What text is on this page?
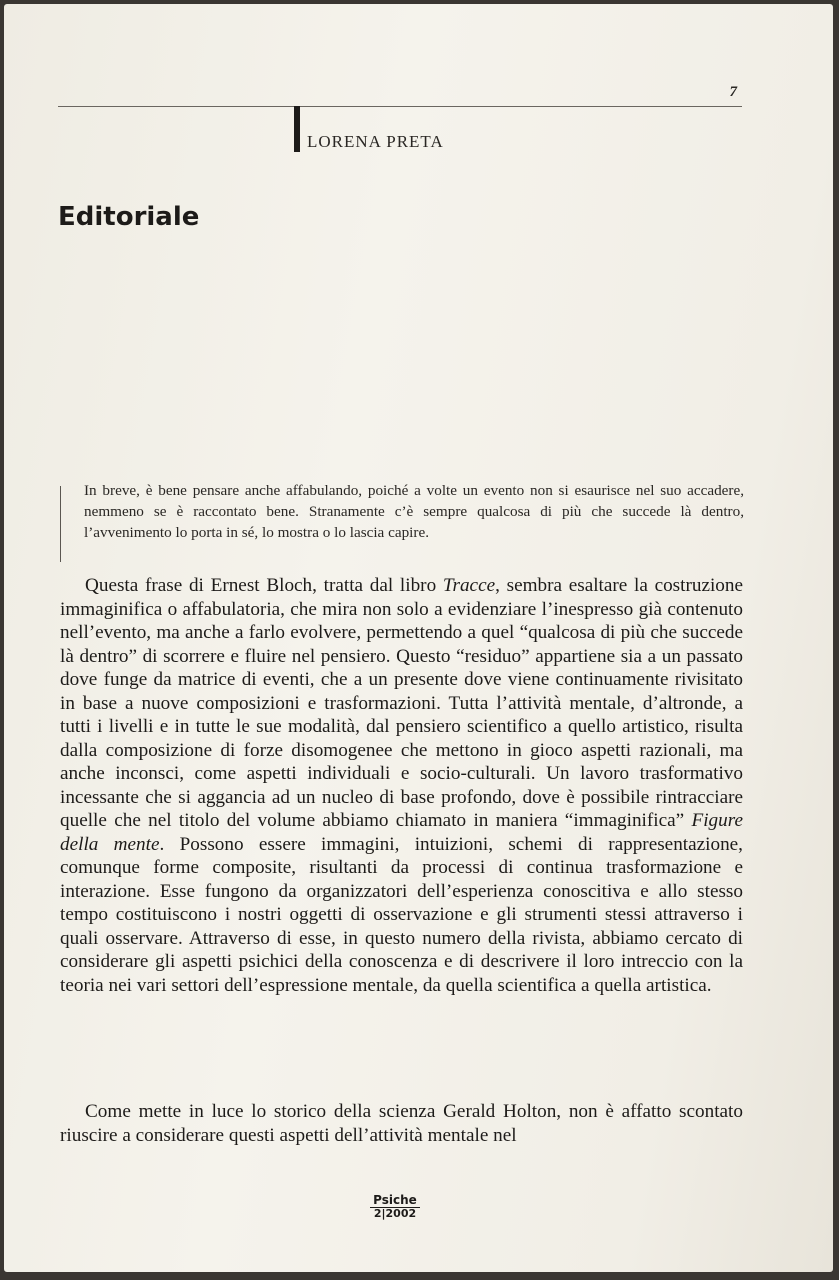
7
LORENA PRETA
Editoriale

In breve, è bene pensare anche affabulando, poiché a volte un evento non si esaurisce nel suo accadere, nemmeno se è raccontato bene. Stranamente c’è sempre qualcosa di più che succede là dentro, l’avvenimento lo porta in sé, lo mostra o lo lascia capire.

Questa frase di Ernest Bloch, tratta dal libro Tracce, sembra esaltare la costruzione immaginifica o affabulatoria, che mira non solo a evidenziare l’inespresso già contenuto nell’evento, ma anche a farlo evolvere, permettendo a quel “qualcosa di più che succede là dentro” di scorrere e fluire nel pensiero. Questo “residuo” appartiene sia a un passato dove funge da matrice di eventi, che a un presente dove viene continuamente rivisitato in base a nuove composizioni e trasformazioni. Tutta l’attività mentale, d’altronde, a tutti i livelli e in tutte le sue modalità, dal pensiero scientifico a quello artistico, risulta dalla composizione di forze disomogenee che mettono in gioco aspetti razionali, ma anche inconsci, come aspetti individuali e socio-culturali. Un lavoro trasformativo incessante che si aggancia ad un nucleo di base profondo, dove è possibile rintracciare quelle che nel titolo del volume abbiamo chiamato in maniera “immaginifica” Figure della mente. Possono essere immagini, intuizioni, schemi di rappresentazione, comunque forme composite, risultanti da processi di continua trasformazione e interazione. Esse fungono da organizzatori dell’esperienza conoscitiva e allo stesso tempo costituiscono i nostri oggetti di osservazione e gli strumenti stessi attraverso i quali osservare. Attraverso di esse, in questo numero della rivista, abbiamo cercato di considerare gli aspetti psichici della conoscenza e di descrivere il loro intreccio con la teoria nei vari settori dell’espressione mentale, da quella scientifica a quella artistica.

Come mette in luce lo storico della scienza Gerald Holton, non è affatto scontato riuscire a considerare questi aspetti dell’attività mentale nel

Psiche
2|2002
